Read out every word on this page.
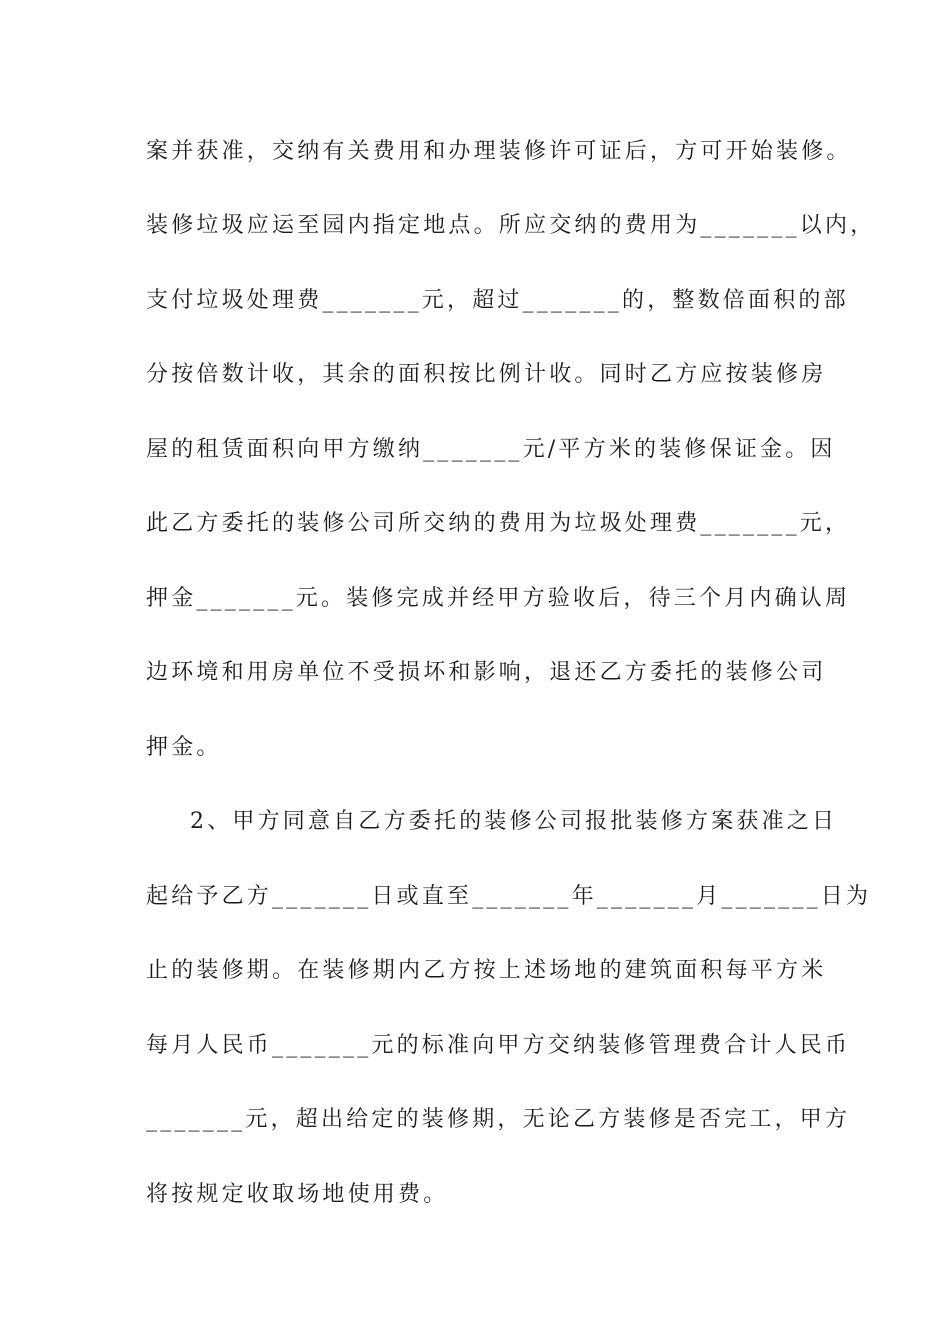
案并获准，交纳有关费用和办理装修许可证后，方可开始装修。
装修垃圾应运至园内指定地点。所应交纳的费用为_______以内，
支付垃圾处理费_______元，超过_______的，整数倍面积的部
分按倍数计收，其余的面积按比例计收。同时乙方应按装修房
屋的租赁面积向甲方缴纳_______元/平方米的装修保证金。因
此乙方委托的装修公司所交纳的费用为垃圾处理费_______元，
押金_______元。装修完成并经甲方验收后，待三个月内确认周
边环境和用房单位不受损坏和影响，退还乙方委托的装修公司
押金。
2、甲方同意自乙方委托的装修公司报批装修方案获准之日
起给予乙方_______日或直至_______年_______月_______日为
止的装修期。在装修期内乙方按上述场地的建筑面积每平方米
每月人民币_______元的标准向甲方交纳装修管理费合计人民币
_______元，超出给定的装修期，无论乙方装修是否完工，甲方
将按规定收取场地使用费。
